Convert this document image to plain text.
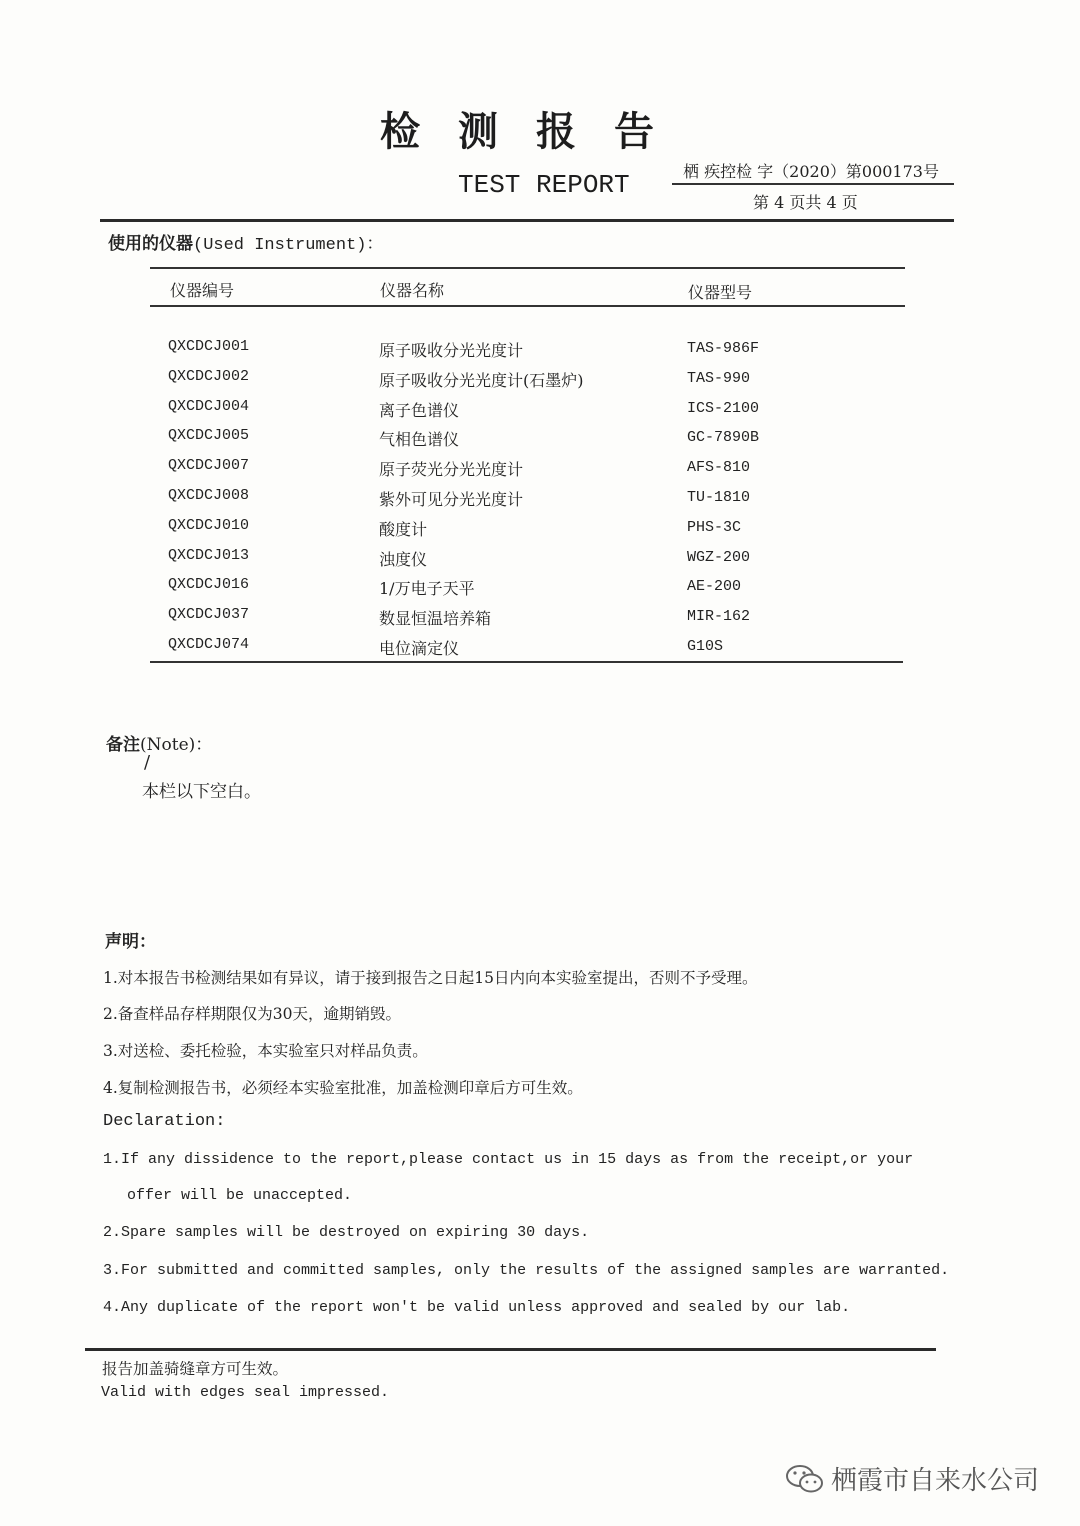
检测报告
TEST REPORT	栖 疾控检 字（2020）第000173号
第 4 页共 4 页
使用的仪器(Used Instrument)：
仪器编号	仪器名称	仪器型号
QXCDCJ001	原子吸收分光光度计	TAS-986F
QXCDCJ002	原子吸收分光光度计(石墨炉)	TAS-990
QXCDCJ004	离子色谱仪	ICS-2100
QXCDCJ005	气相色谱仪	GC-7890B
QXCDCJ007	原子荧光分光光度计	AFS-810
QXCDCJ008	紫外可见分光光度计	TU-1810
QXCDCJ010	酸度计	PHS-3C
QXCDCJ013	浊度仪	WGZ-200
QXCDCJ016	1/万电子天平	AE-200
QXCDCJ037	数显恒温培养箱	MIR-162
QXCDCJ074	电位滴定仪	G10S
备注(Note)：
/
本栏以下空白。
声明：
1.对本报告书检测结果如有异议，请于接到报告之日起15日内向本实验室提出，否则不予受理。
2.备查样品存样期限仅为30天，逾期销毁。
3.对送检、委托检验，本实验室只对样品负责。
4.复制检测报告书，必须经本实验室批准，加盖检测印章后方可生效。
Declaration:
1.If any dissidence to the report,please contact us in 15 days as from the receipt,or your
offer will be unaccepted.
2.Spare samples will be destroyed on expiring 30 days.
3.For submitted and committed samples, only the results of the assigned samples are warranted.
4.Any duplicate of the report won't be valid unless approved and sealed by our lab.
报告加盖骑缝章方可生效。
Valid with edges seal impressed.
栖霞市自来水公司
